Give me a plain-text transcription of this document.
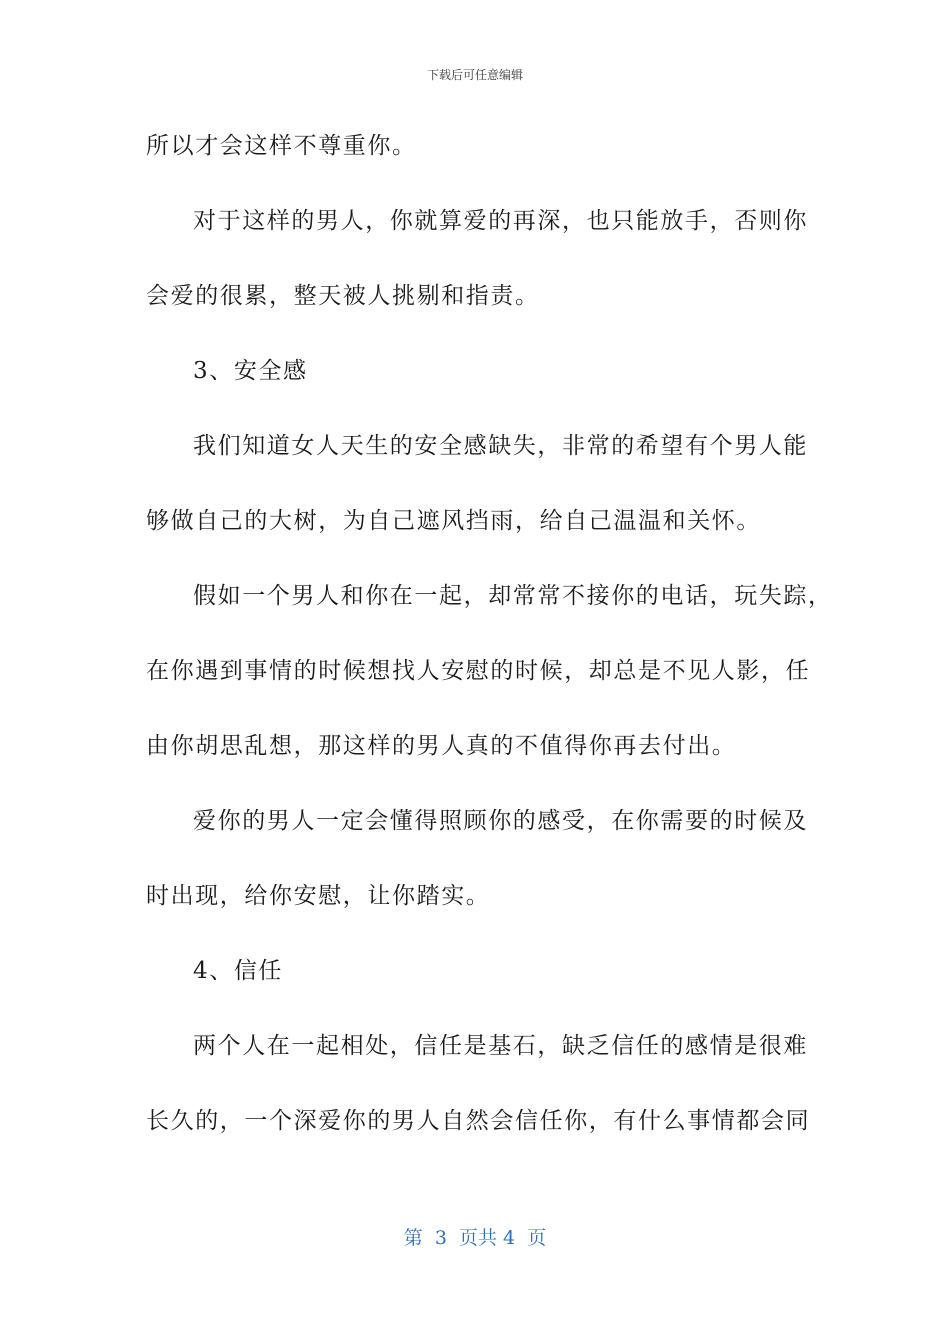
下载后可任意编辑
所以才会这样不尊重你。
对于这样的男人，你就算爱的再深，也只能放手，否则你
会爱的很累，整天被人挑剔和指责。
3、安全感
我们知道女人天生的安全感缺失，非常的希望有个男人能
够做自己的大树，为自己遮风挡雨，给自己温温和关怀。
假如一个男人和你在一起，却常常不接你的电话，玩失踪，
在你遇到事情的时候想找人安慰的时候，却总是不见人影，任
由你胡思乱想，那这样的男人真的不值得你再去付出。
爱你的男人一定会懂得照顾你的感受，在你需要的时候及
时出现，给你安慰，让你踏实。
4、信任
两个人在一起相处，信任是基石，缺乏信任的感情是很难
长久的，一个深爱你的男人自然会信任你，有什么事情都会同
第  3  页共 4  页
